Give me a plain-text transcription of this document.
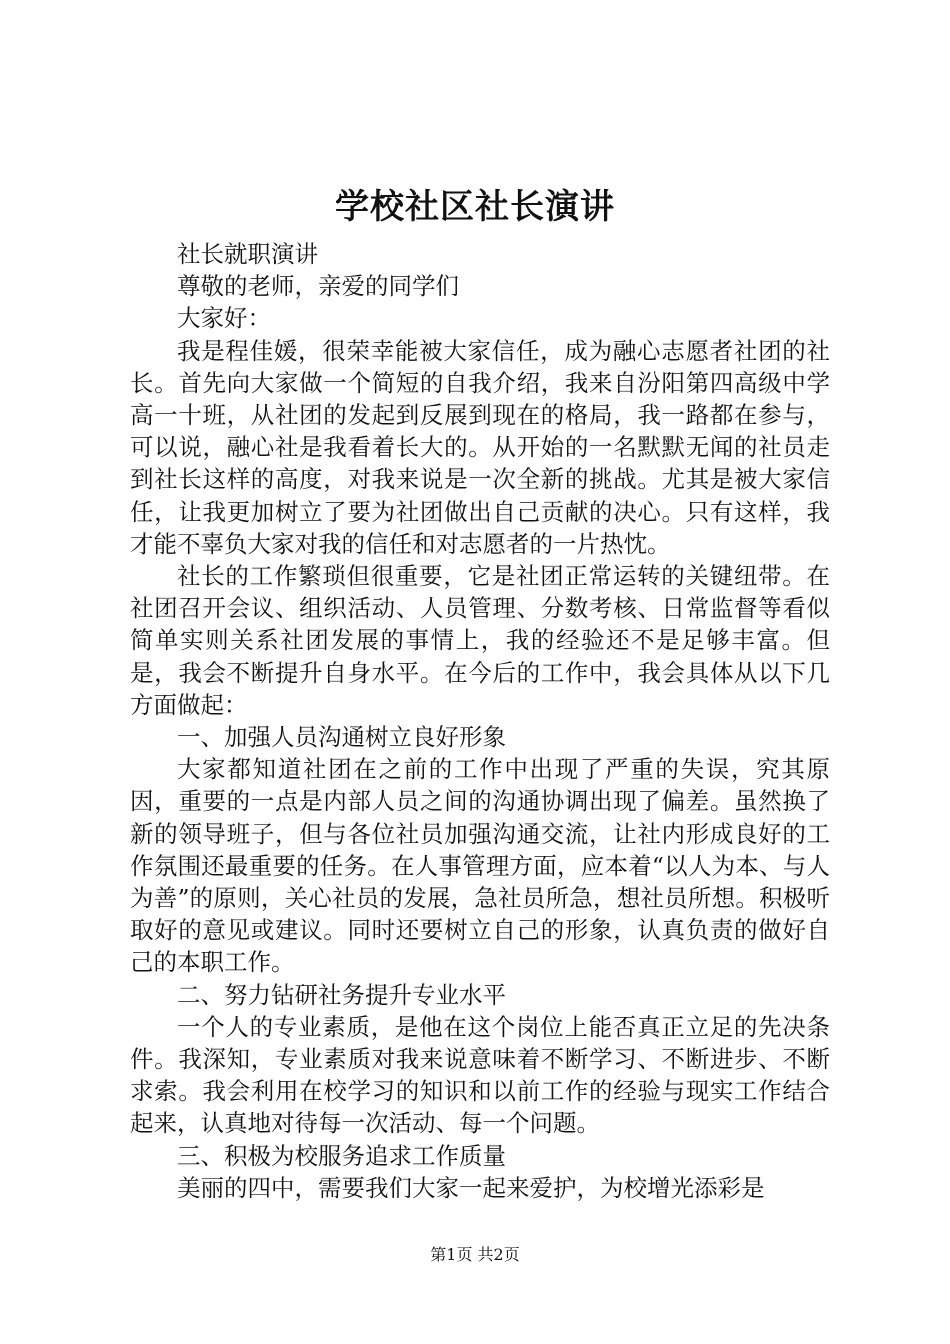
学校社区社长演讲

社长就职演讲

尊敬的老师，亲爱的同学们

大家好：

我是程佳媛，很荣幸能被大家信任，成为融心志愿者社团的社长。首先向大家做一个简短的自我介绍，我来自汾阳第四高级中学高一十班，从社团的发起到反展到现在的格局，我一路都在参与，可以说，融心社是我看着长大的。从开始的一名默默无闻的社员走到社长这样的高度，对我来说是一次全新的挑战。尤其是被大家信任，让我更加树立了要为社团做出自己贡献的决心。只有这样，我才能不辜负大家对我的信任和对志愿者的一片热忱。

社长的工作繁琐但很重要，它是社团正常运转的关键纽带。在社团召开会议、组织活动、人员管理、分数考核、日常监督等看似简单实则关系社团发展的事情上，我的经验还不是足够丰富。但是，我会不断提升自身水平。在今后的工作中，我会具体从以下几方面做起：

一、加强人员沟通树立良好形象

大家都知道社团在之前的工作中出现了严重的失误，究其原因，重要的一点是内部人员之间的沟通协调出现了偏差。虽然换了新的领导班子，但与各位社员加强沟通交流，让社内形成良好的工作氛围还最重要的任务。在人事管理方面，应本着“以人为本、与人为善”的原则，关心社员的发展，急社员所急，想社员所想。积极听取好的意见或建议。同时还要树立自己的形象，认真负责的做好自己的本职工作。

二、努力钻研社务提升专业水平

一个人的专业素质，是他在这个岗位上能否真正立足的先决条件。我深知，专业素质对我来说意味着不断学习、不断进步、不断求索。我会利用在校学习的知识和以前工作的经验与现实工作结合起来，认真地对待每一次活动、每一个问题。

三、积极为校服务追求工作质量

美丽的四中，需要我们大家一起来爱护，为校增光添彩是

第1页 共2页
